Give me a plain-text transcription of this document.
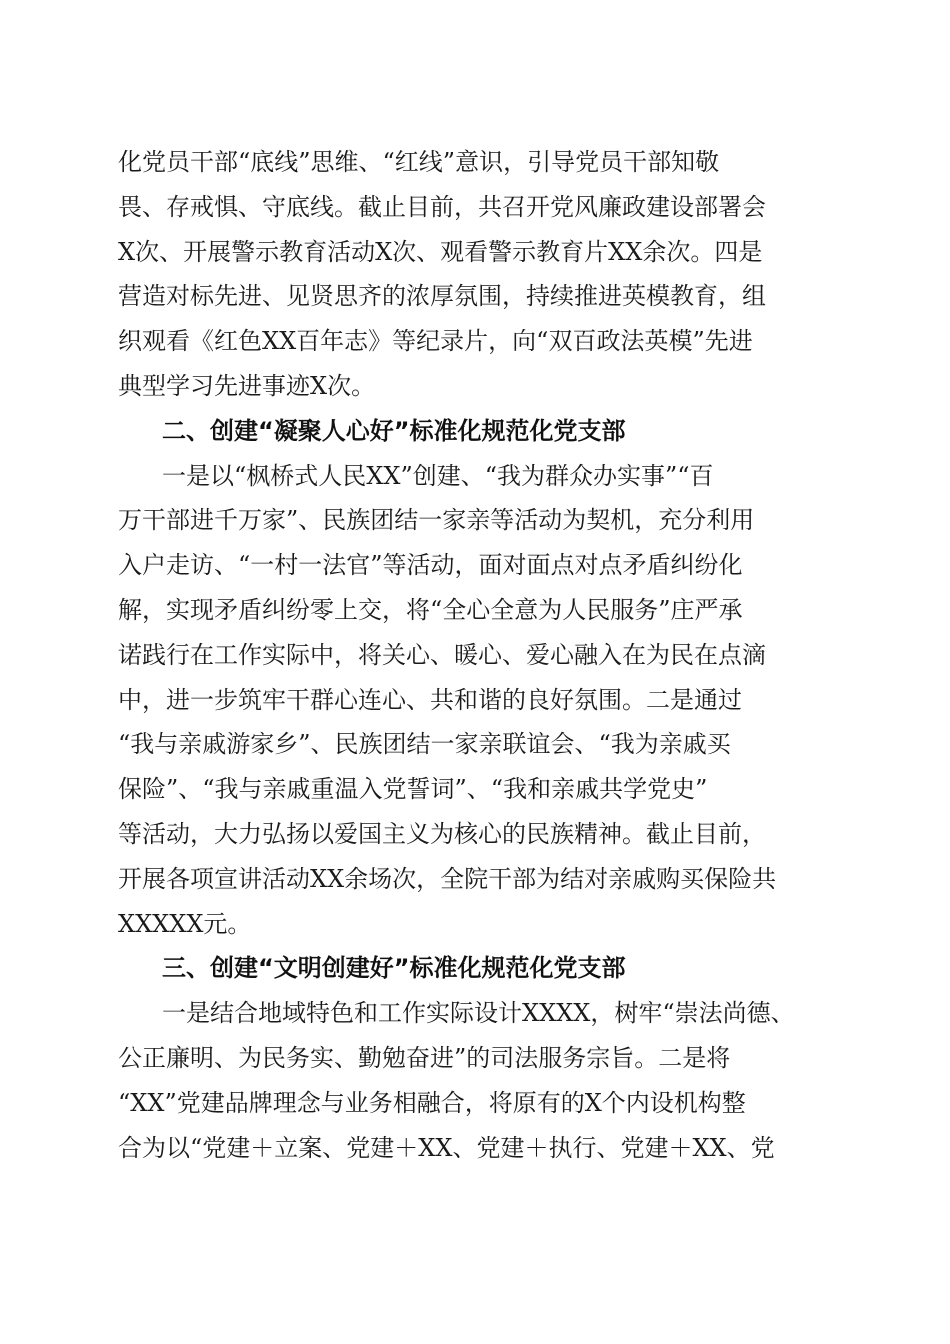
化党员干部“底线”思维、“红线”意识，引导党员干部知敬
畏、存戒惧、守底线。截止目前，共召开党风廉政建设部署会
X次、开展警示教育活动X次、观看警示教育片XX余次。四是
营造对标先进、见贤思齐的浓厚氛围，持续推进英模教育，组
织观看《红色XX百年志》等纪录片，向“双百政法英模”先进
典型学习先进事迹X次。

二、创建“凝聚人心好”标准化规范化党支部

一是以“枫桥式人民XX”创建、“我为群众办实事”“百
万干部进千万家”、民族团结一家亲等活动为契机，充分利用
入户走访、“一村一法官”等活动，面对面点对点矛盾纠纷化
解，实现矛盾纠纷零上交，将“全心全意为人民服务”庄严承
诺践行在工作实际中，将关心、暖心、爱心融入在为民在点滴
中，进一步筑牢干群心连心、共和谐的良好氛围。二是通过
“我与亲戚游家乡”、民族团结一家亲联谊会、“我为亲戚买
保险”、“我与亲戚重温入党誓词”、“我和亲戚共学党史”
等活动，大力弘扬以爱国主义为核心的民族精神。截止目前，
开展各项宣讲活动XX余场次，全院干部为结对亲戚购买保险共
XXXXX元。

三、创建“文明创建好”标准化规范化党支部

一是结合地域特色和工作实际设计XXXX，树牢“崇法尚德、
公正廉明、为民务实、勤勉奋进”的司法服务宗旨。二是将
“XX”党建品牌理念与业务相融合，将原有的X个内设机构整
合为以“党建＋立案、党建＋XX、党建＋执行、党建＋XX、党
